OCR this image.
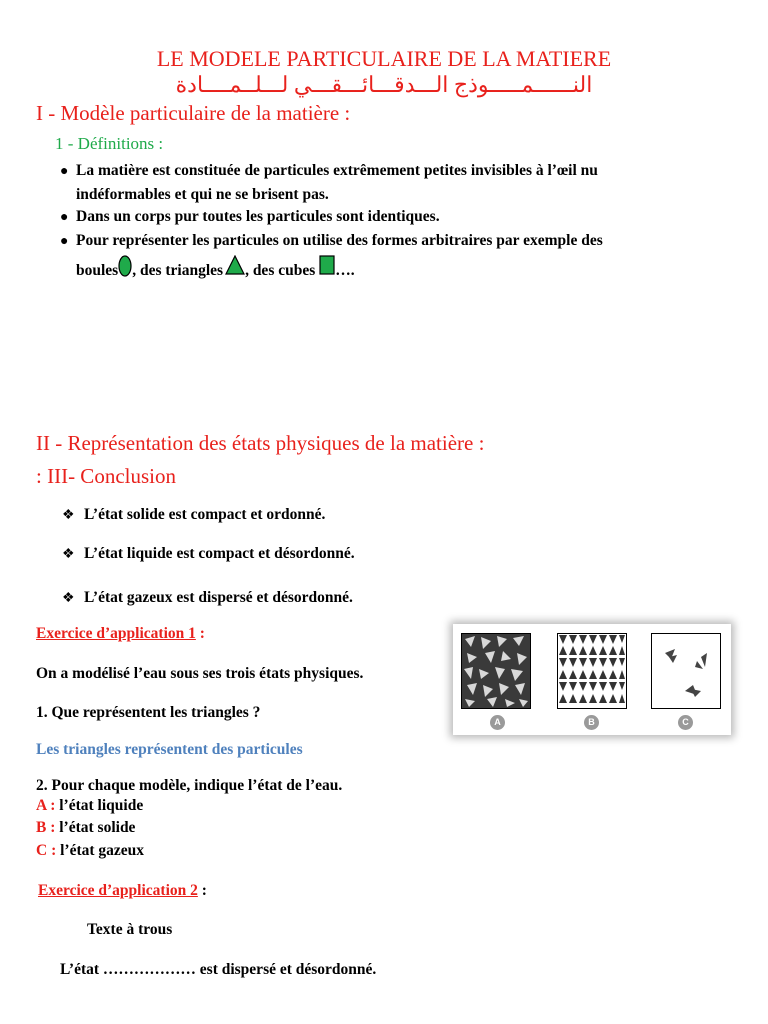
LE MODELE PARTICULAIRE DE LA MATIERE
النــــــمـــــوذج الـــدقـــائـــقـــي لـــلــمــــادة
I - Modèle particulaire de la matière :
1 - Définitions :
● La matière est constituée de particules extrêmement petites invisibles à l’œil nu
indéformables et qui ne se brisent pas.
● Dans un corps pur toutes les particules sont identiques.
● Pour représenter les particules on utilise des formes arbitraires par exemple des
boules , des triangles , des cubes ….
II - Représentation des états physiques de la matière :
: III- Conclusion
❖ L’état solide est compact et ordonné.
❖ L’état liquide est compact et désordonné.
❖ L’état gazeux est dispersé et désordonné.
Exercice d’application 1 :
On a modélisé l’eau sous ses trois états physiques.
1. Que représentent les triangles ?
Les triangles représentent des particules
2. Pour chaque modèle, indique l’état de l’eau.
A : l’état liquide
B : l’état solide
C : l’état gazeux
A	B	C
Exercice d’application 2 :
Texte à trous
L’état ……………… est dispersé et désordonné.
